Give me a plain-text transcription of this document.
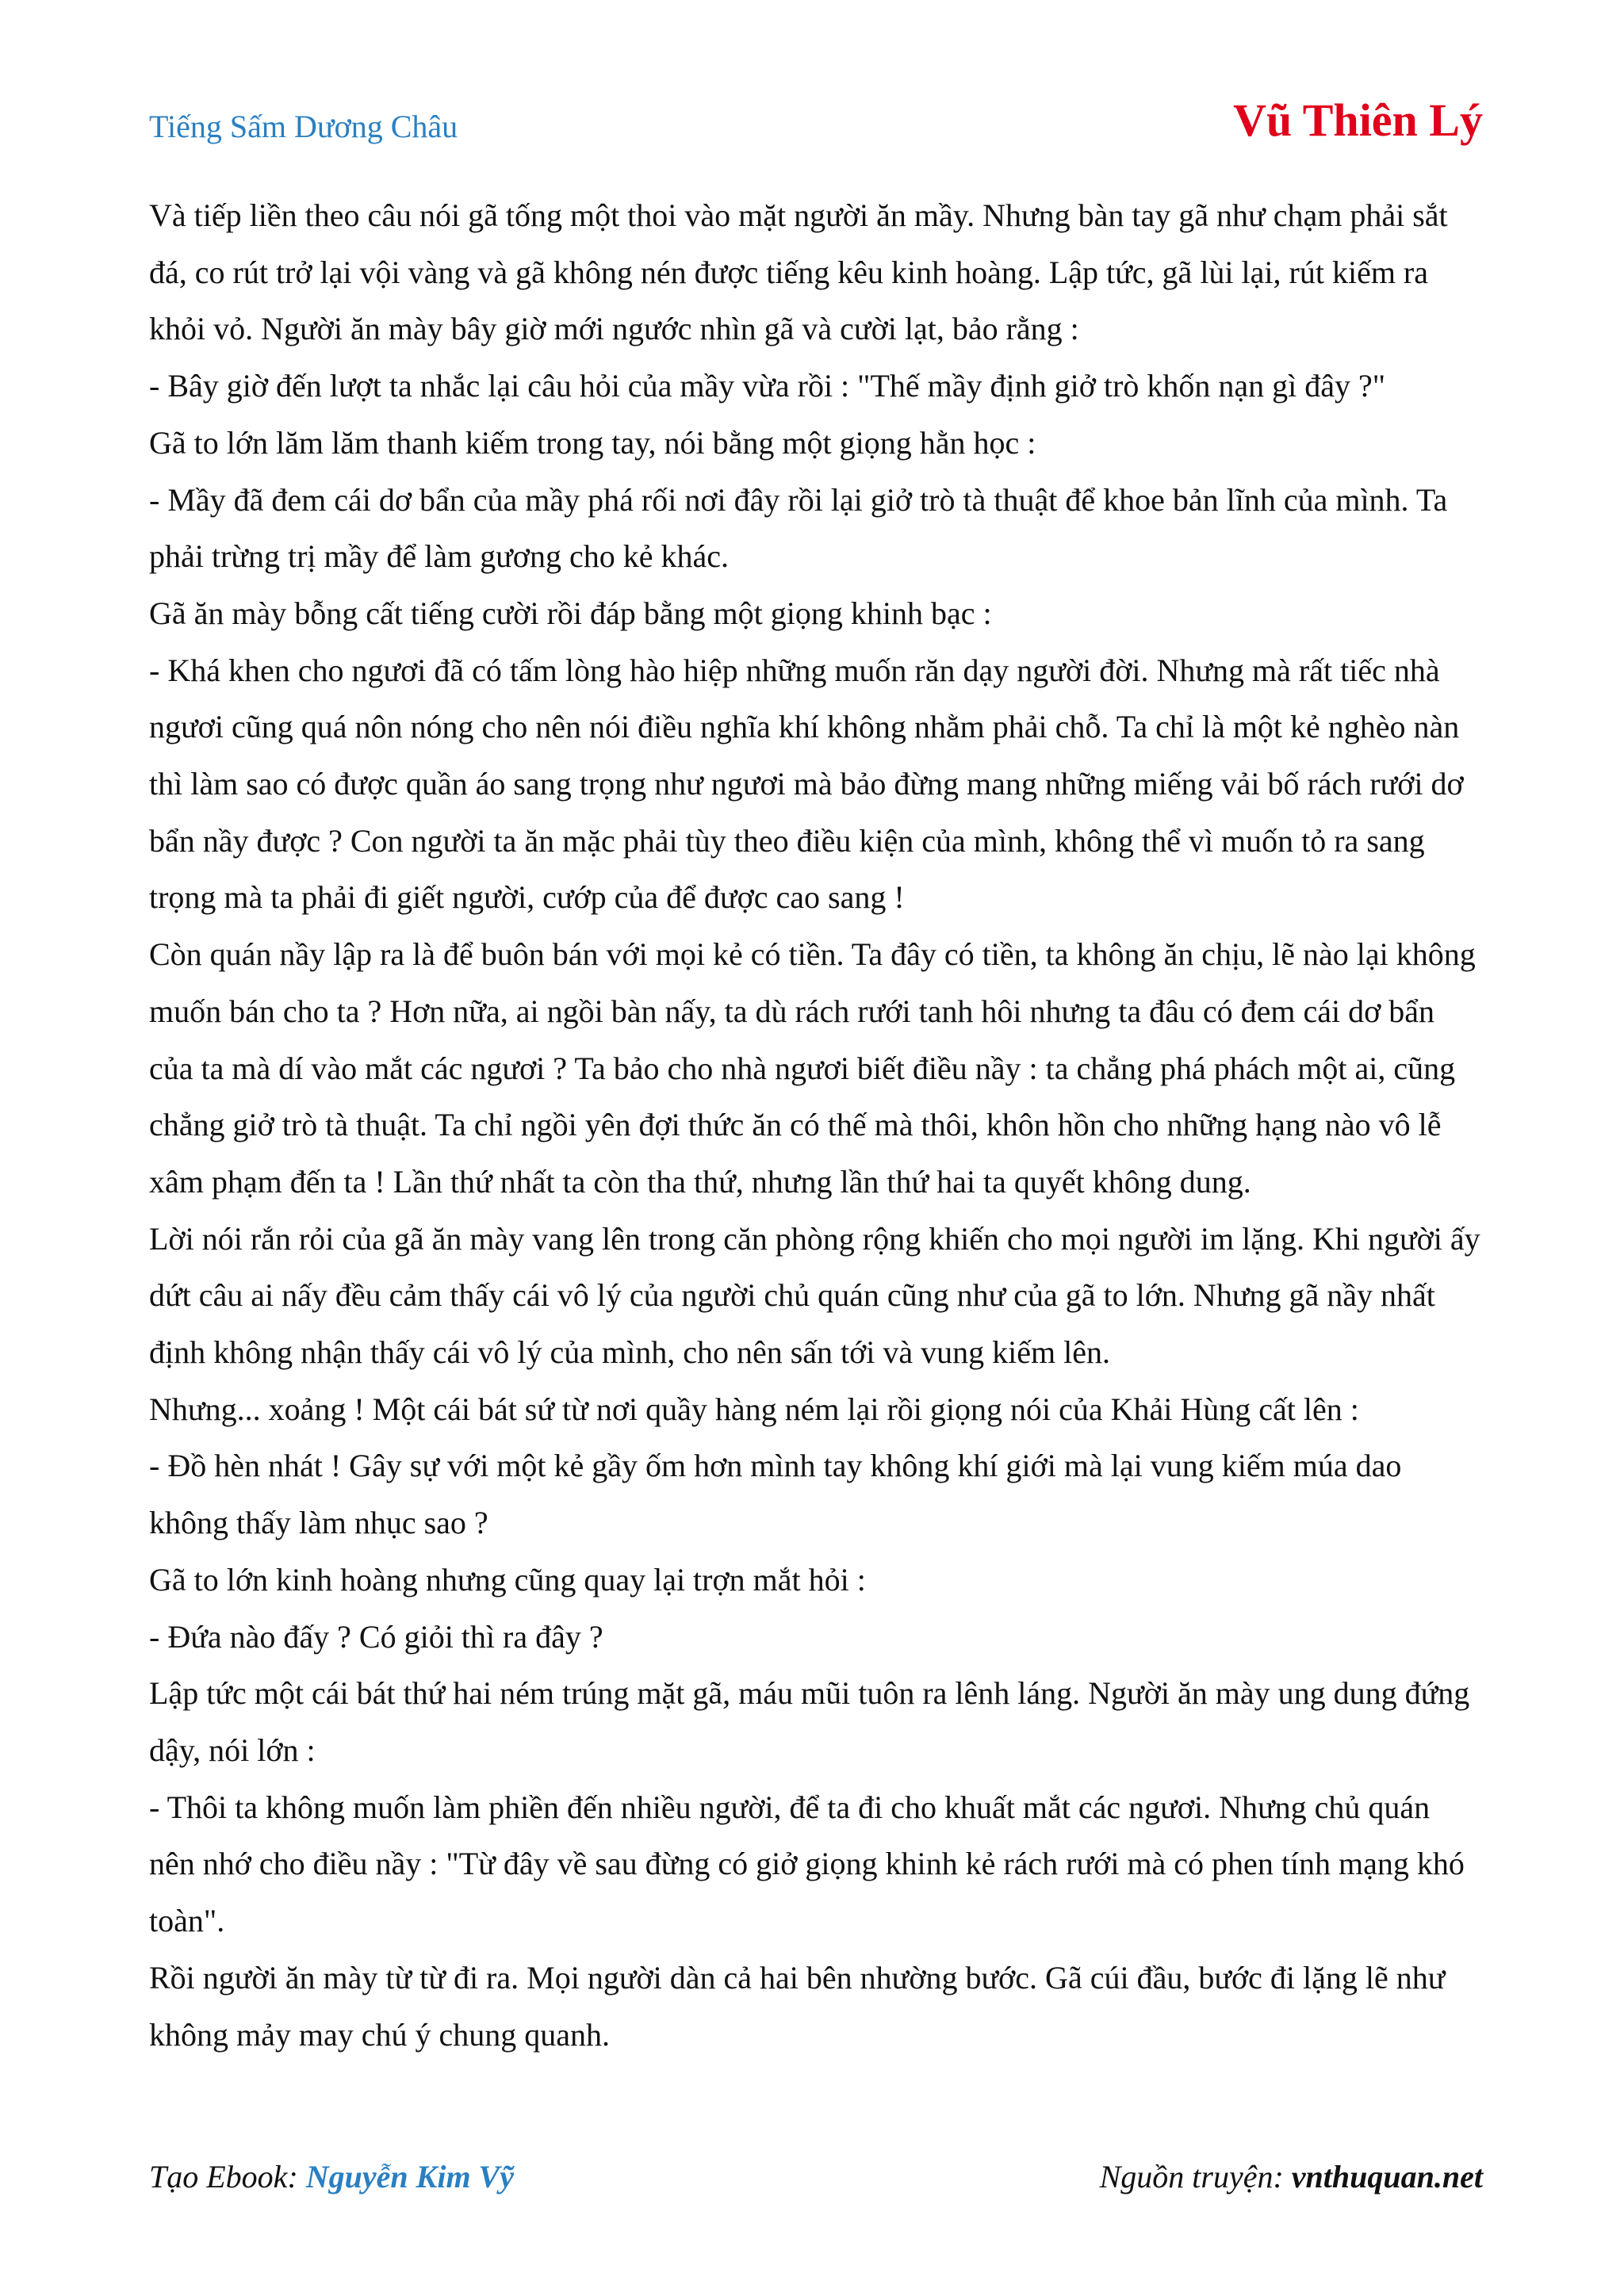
Tiếng Sấm Dương Châu	Vũ Thiên Lý

Và tiếp liền theo câu nói gã tống một thoi vào mặt người ăn mầy. Nhưng bàn tay gã như chạm phải sắt đá, co rút trở lại vội vàng và gã không nén được tiếng kêu kinh hoàng. Lập tức, gã lùi lại, rút kiếm ra khỏi vỏ. Người ăn mày bây giờ mới ngước nhìn gã và cười lạt, bảo rằng :

- Bây giờ đến lượt ta nhắc lại câu hỏi của mầy vừa rồi : "Thế mầy định giở trò khốn nạn gì đây ?"

Gã to lớn lăm lăm thanh kiếm trong tay, nói bằng một giọng hằn học :

- Mầy đã đem cái dơ bẩn của mầy phá rối nơi đây rồi lại giở trò tà thuật để khoe bản lĩnh của mình. Ta phải trừng trị mầy để làm gương cho kẻ khác.

Gã ăn mày bỗng cất tiếng cười rồi đáp bằng một giọng khinh bạc :

- Khá khen cho ngươi đã có tấm lòng hào hiệp những muốn răn dạy người đời. Nhưng mà rất tiếc nhà ngươi cũng quá nôn nóng cho nên nói điều nghĩa khí không nhằm phải chỗ. Ta chỉ là một kẻ nghèo nàn thì làm sao có được quần áo sang trọng như ngươi mà bảo đừng mang những miếng vải bố rách rưới dơ bẩn nầy được ? Con người ta ăn mặc phải tùy theo điều kiện của mình, không thể vì muốn tỏ ra sang trọng mà ta phải đi giết người, cướp của để được cao sang !

Còn quán nầy lập ra là để buôn bán với mọi kẻ có tiền. Ta đây có tiền, ta không ăn chịu, lẽ nào lại không muốn bán cho ta ? Hơn nữa, ai ngồi bàn nấy, ta dù rách rưới tanh hôi nhưng ta đâu có đem cái dơ bẩn của ta mà dí vào mắt các ngươi ? Ta bảo cho nhà ngươi biết điều nầy : ta chẳng phá phách một ai, cũng chẳng giở trò tà thuật. Ta chỉ ngồi yên đợi thức ăn có thế mà thôi, khôn hồn cho những hạng nào vô lễ xâm phạm đến ta ! Lần thứ nhất ta còn tha thứ, nhưng lần thứ hai ta quyết không dung.

Lời nói rắn rỏi của gã ăn mày vang lên trong căn phòng rộng khiến cho mọi người im lặng. Khi người ấy dứt câu ai nấy đều cảm thấy cái vô lý của người chủ quán cũng như của gã to lớn. Nhưng gã nầy nhất định không nhận thấy cái vô lý của mình, cho nên sấn tới và vung kiếm lên.

Nhưng... xoảng ! Một cái bát sứ từ nơi quầy hàng ném lại rồi giọng nói của Khải Hùng cất lên :

- Đồ hèn nhát ! Gây sự với một kẻ gầy ốm hơn mình tay không khí giới mà lại vung kiếm múa dao không thấy làm nhục sao ?

Gã to lớn kinh hoàng nhưng cũng quay lại trợn mắt hỏi :

- Đứa nào đấy ? Có giỏi thì ra đây ?

Lập tức một cái bát thứ hai ném trúng mặt gã, máu mũi tuôn ra lênh láng. Người ăn mày ung dung đứng dậy, nói lớn :

- Thôi ta không muốn làm phiền đến nhiều người, để ta đi cho khuất mắt các ngươi. Nhưng chủ quán nên nhớ cho điều nầy : "Từ đây về sau đừng có giở giọng khinh kẻ rách rưới mà có phen tính mạng khó toàn".

Rồi người ăn mày từ từ đi ra. Mọi người dàn cả hai bên nhường bước. Gã cúi đầu, bước đi lặng lẽ như không mảy may chú ý chung quanh.

Tạo Ebook: Nguyễn Kim Vỹ	Nguồn truyện: vnthuquan.net
